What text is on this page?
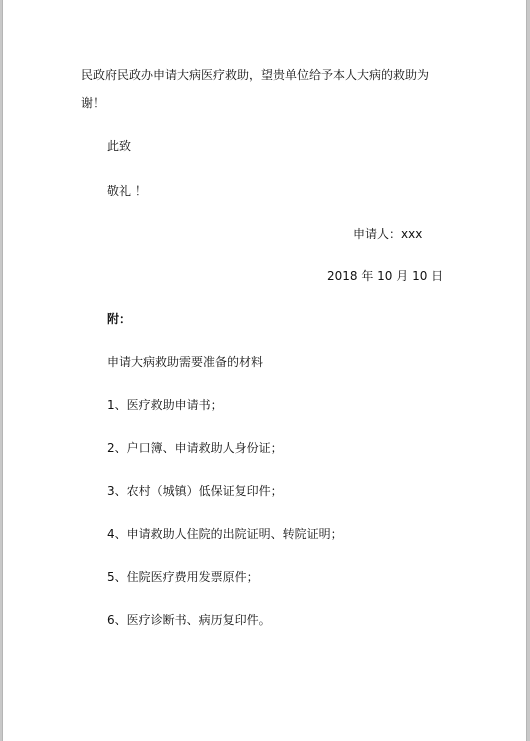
民政府民政办申请大病医疗救助，望贵单位给予本人大病的救助为
谢！
此致
敬礼 ！
申请人：xxx
2018 年 10 月 10 日
附：
申请大病救助需要准备的材料
1、医疗救助申请书；
2、户口簿、申请救助人身份证；
3、农村（城镇）低保证复印件；
4、申请救助人住院的出院证明、转院证明；
5、住院医疗费用发票原件；
6、医疗诊断书、病历复印件。
